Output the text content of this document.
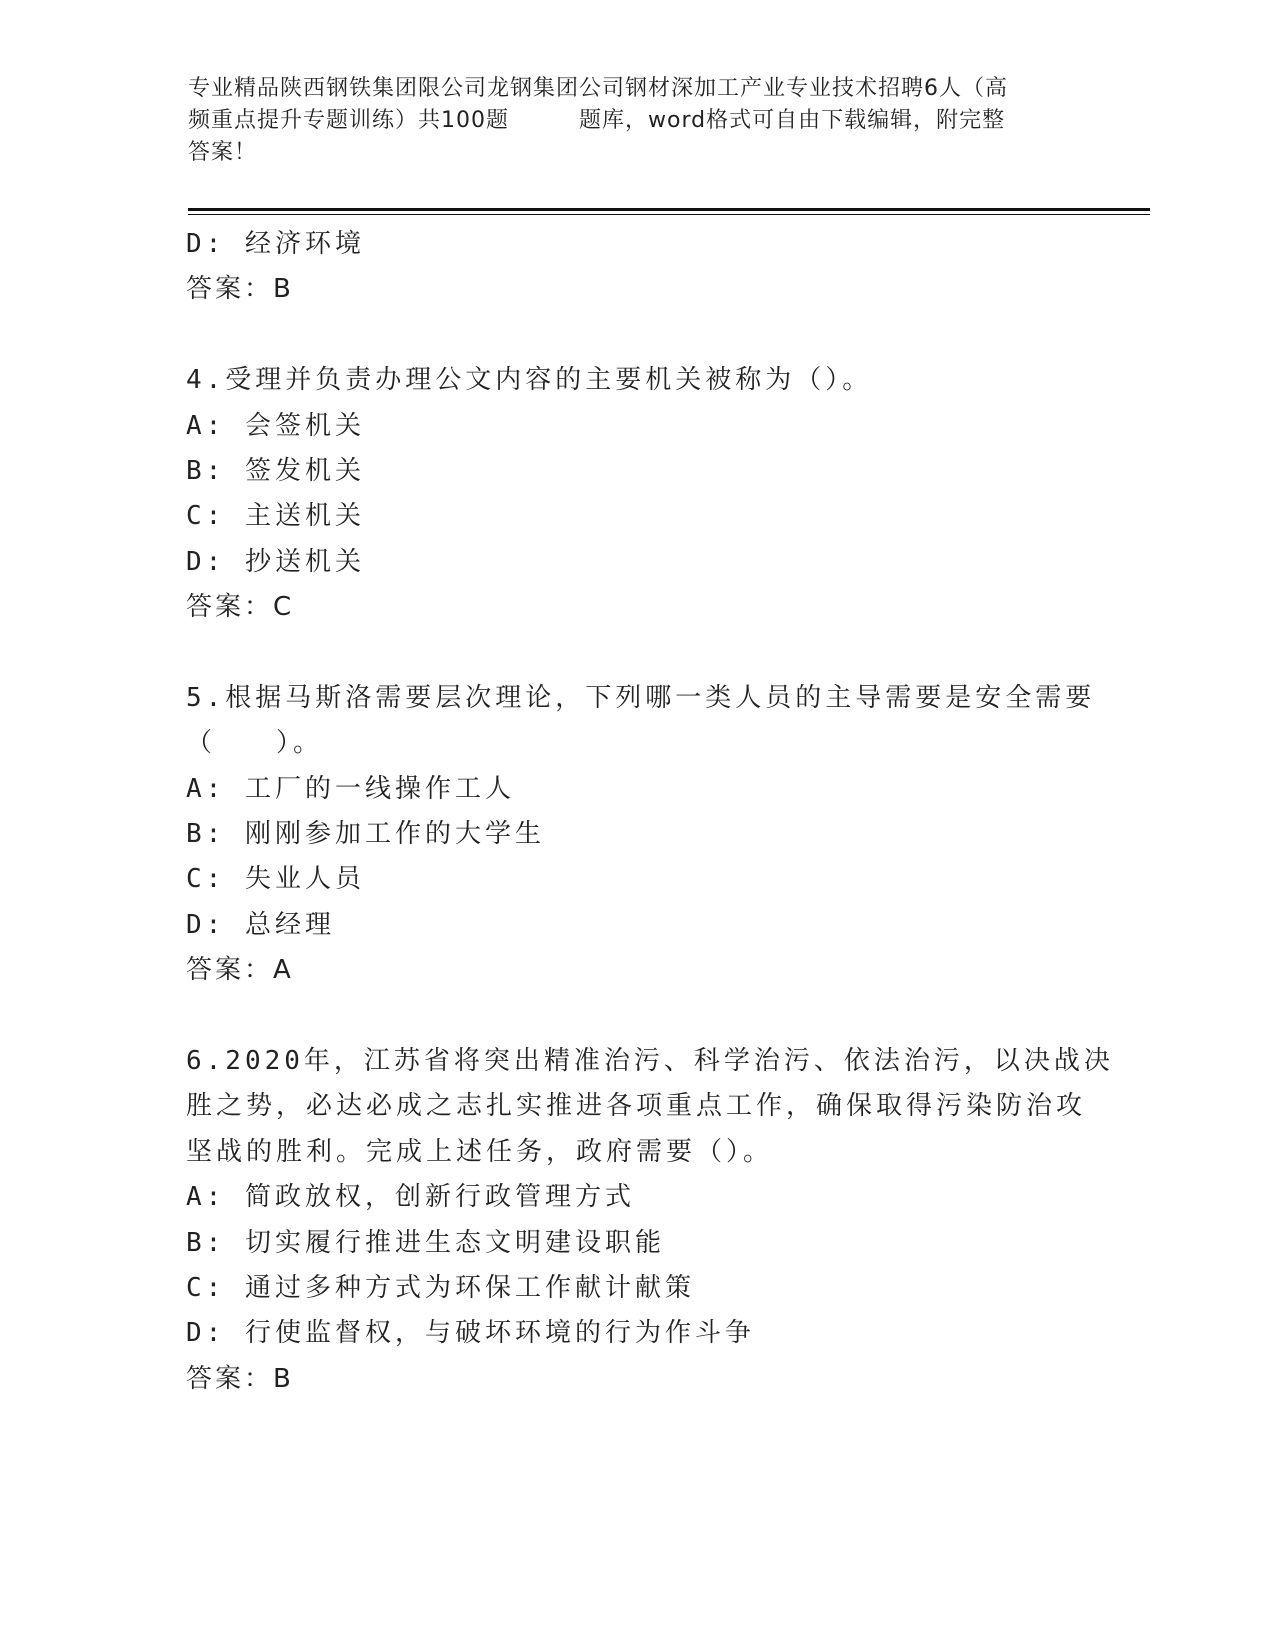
专业精品陕西钢铁集团限公司龙钢集团公司钢材深加工产业专业技术招聘6人（高
频重点提升专题训练）共100题	题库，word格式可自由下载编辑，附完整
答案！
D: 经济环境
答案：B
4.受理并负责办理公文内容的主要机关被称为（）。
A: 会签机关
B: 签发机关
C: 主送机关
D: 抄送机关
答案：C
5.根据马斯洛需要层次理论，下列哪一类人员的主导需要是安全需要
（　　）。
A: 工厂的一线操作工人
B: 刚刚参加工作的大学生
C: 失业人员
D: 总经理
答案：A
6.2020年，江苏省将突出精准治污、科学治污、依法治污，以决战决
胜之势，必达必成之志扎实推进各项重点工作，确保取得污染防治攻
坚战的胜利。完成上述任务，政府需要（）。
A: 简政放权，创新行政管理方式
B: 切实履行推进生态文明建设职能
C: 通过多种方式为环保工作献计献策
D: 行使监督权，与破坏环境的行为作斗争
答案：B
